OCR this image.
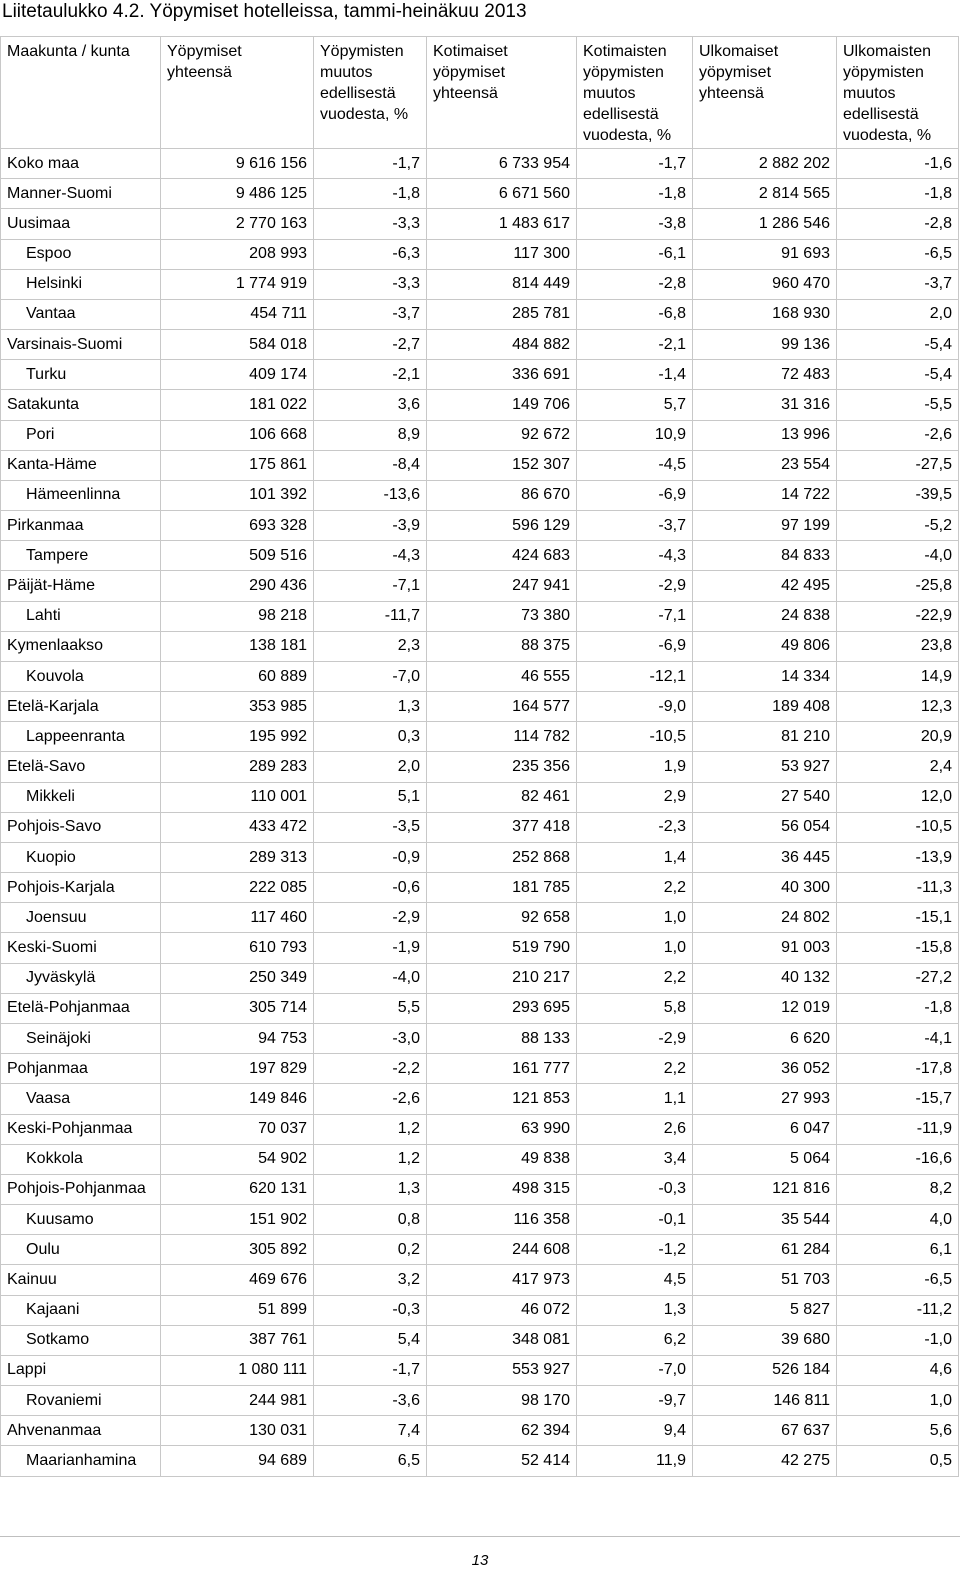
Liitetaulukko 4.2. Yöpymiset hotelleissa, tammi-heinäkuu 2013
Maakunta / kunta	Yöpymiset yhteensä	Yöpymisten muutos edellisestä vuodesta, %	Kotimaiset yöpymiset yhteensä	Kotimaisten yöpymisten muutos edellisestä vuodesta, %	Ulkomaiset yöpymiset yhteensä	Ulkomaisten yöpymisten muutos edellisestä vuodesta, %
Koko maa	9 616 156	-1,7	6 733 954	-1,7	2 882 202	-1,6
Manner-Suomi	9 486 125	-1,8	6 671 560	-1,8	2 814 565	-1,8
Uusimaa	2 770 163	-3,3	1 483 617	-3,8	1 286 546	-2,8
Espoo	208 993	-6,3	117 300	-6,1	91 693	-6,5
Helsinki	1 774 919	-3,3	814 449	-2,8	960 470	-3,7
Vantaa	454 711	-3,7	285 781	-6,8	168 930	2,0
Varsinais-Suomi	584 018	-2,7	484 882	-2,1	99 136	-5,4
Turku	409 174	-2,1	336 691	-1,4	72 483	-5,4
Satakunta	181 022	3,6	149 706	5,7	31 316	-5,5
Pori	106 668	8,9	92 672	10,9	13 996	-2,6
Kanta-Häme	175 861	-8,4	152 307	-4,5	23 554	-27,5
Hämeenlinna	101 392	-13,6	86 670	-6,9	14 722	-39,5
Pirkanmaa	693 328	-3,9	596 129	-3,7	97 199	-5,2
Tampere	509 516	-4,3	424 683	-4,3	84 833	-4,0
Päijät-Häme	290 436	-7,1	247 941	-2,9	42 495	-25,8
Lahti	98 218	-11,7	73 380	-7,1	24 838	-22,9
Kymenlaakso	138 181	2,3	88 375	-6,9	49 806	23,8
Kouvola	60 889	-7,0	46 555	-12,1	14 334	14,9
Etelä-Karjala	353 985	1,3	164 577	-9,0	189 408	12,3
Lappeenranta	195 992	0,3	114 782	-10,5	81 210	20,9
Etelä-Savo	289 283	2,0	235 356	1,9	53 927	2,4
Mikkeli	110 001	5,1	82 461	2,9	27 540	12,0
Pohjois-Savo	433 472	-3,5	377 418	-2,3	56 054	-10,5
Kuopio	289 313	-0,9	252 868	1,4	36 445	-13,9
Pohjois-Karjala	222 085	-0,6	181 785	2,2	40 300	-11,3
Joensuu	117 460	-2,9	92 658	1,0	24 802	-15,1
Keski-Suomi	610 793	-1,9	519 790	1,0	91 003	-15,8
Jyväskylä	250 349	-4,0	210 217	2,2	40 132	-27,2
Etelä-Pohjanmaa	305 714	5,5	293 695	5,8	12 019	-1,8
Seinäjoki	94 753	-3,0	88 133	-2,9	6 620	-4,1
Pohjanmaa	197 829	-2,2	161 777	2,2	36 052	-17,8
Vaasa	149 846	-2,6	121 853	1,1	27 993	-15,7
Keski-Pohjanmaa	70 037	1,2	63 990	2,6	6 047	-11,9
Kokkola	54 902	1,2	49 838	3,4	5 064	-16,6
Pohjois-Pohjanmaa	620 131	1,3	498 315	-0,3	121 816	8,2
Kuusamo	151 902	0,8	116 358	-0,1	35 544	4,0
Oulu	305 892	0,2	244 608	-1,2	61 284	6,1
Kainuu	469 676	3,2	417 973	4,5	51 703	-6,5
Kajaani	51 899	-0,3	46 072	1,3	5 827	-11,2
Sotkamo	387 761	5,4	348 081	6,2	39 680	-1,0
Lappi	1 080 111	-1,7	553 927	-7,0	526 184	4,6
Rovaniemi	244 981	-3,6	98 170	-9,7	146 811	1,0
Ahvenanmaa	130 031	7,4	62 394	9,4	67 637	5,6
Maarianhamina	94 689	6,5	52 414	11,9	42 275	0,5
13
